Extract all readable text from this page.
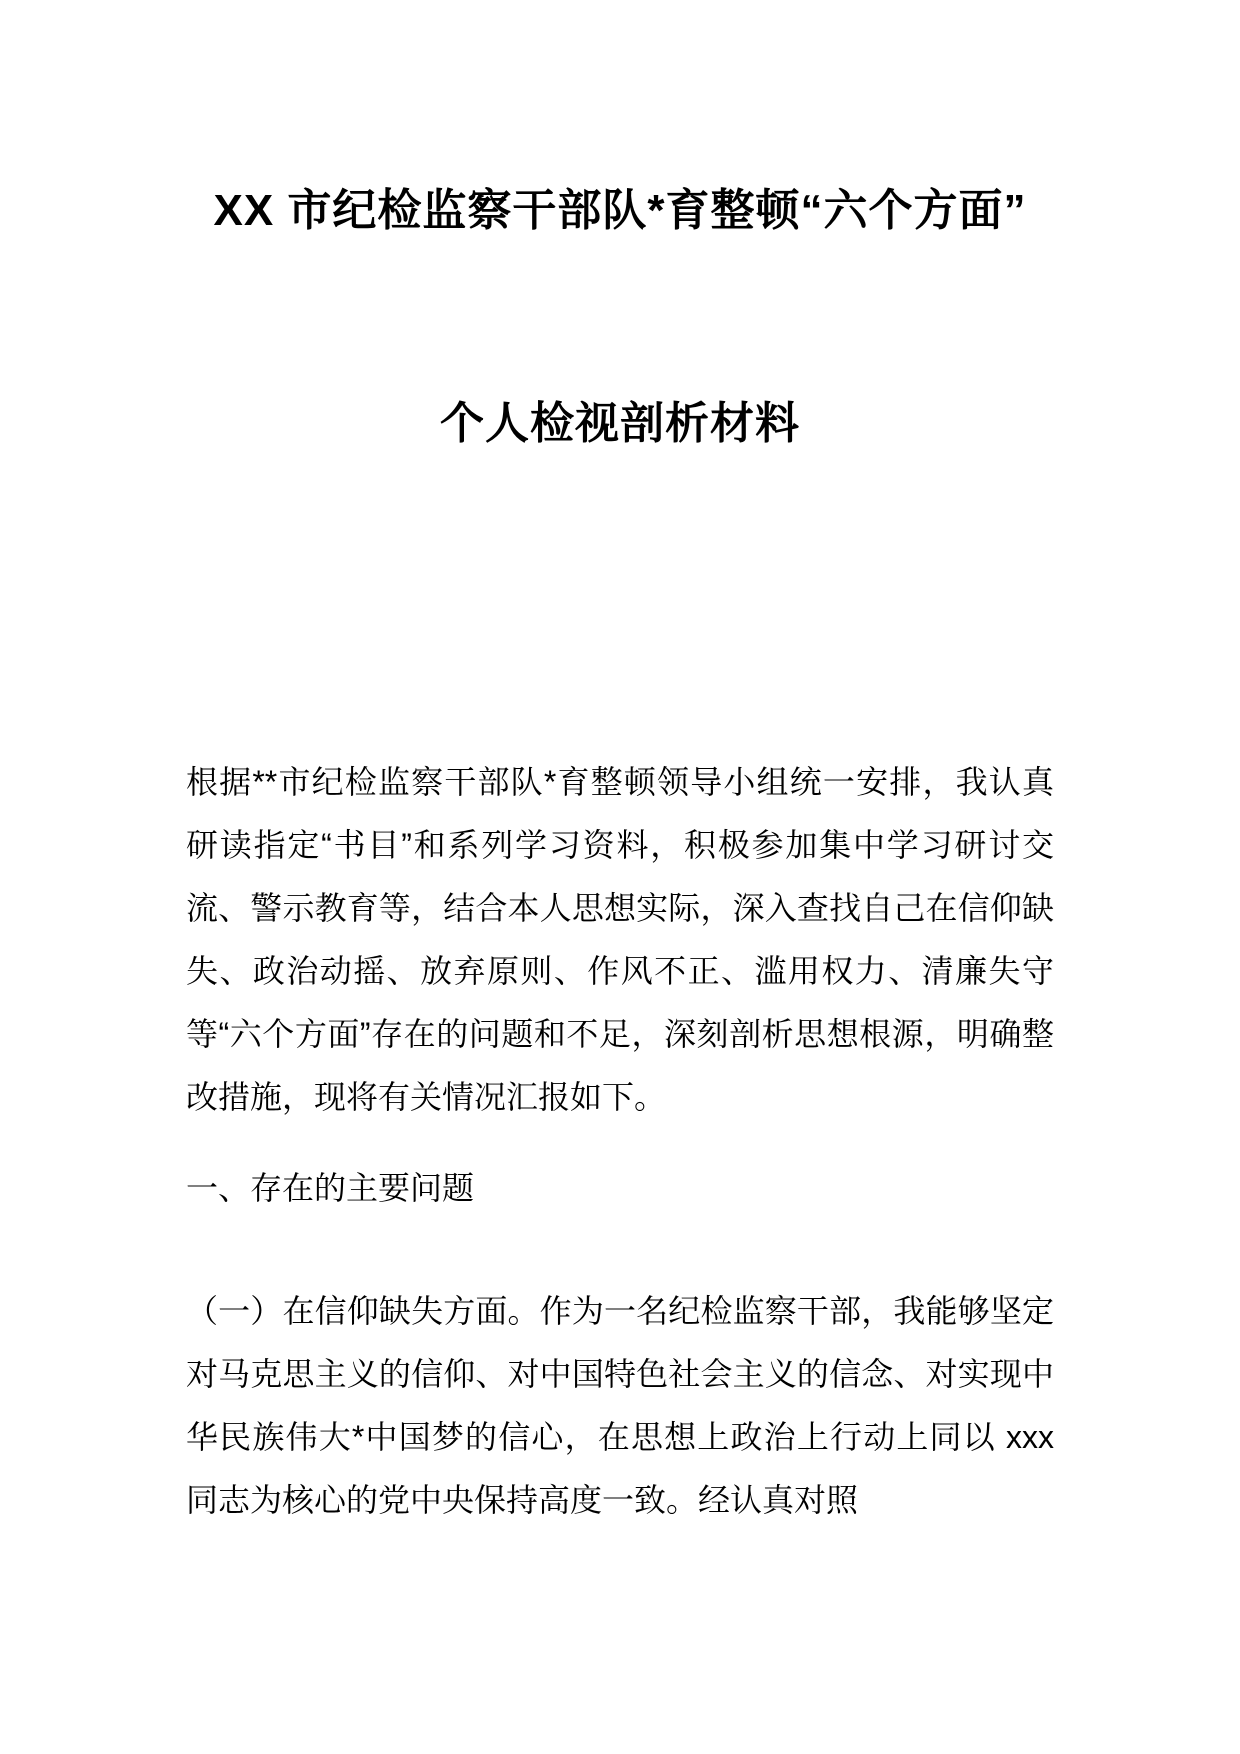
XX 市纪检监察干部队*育整顿“六个方面”
个人检视剖析材料

根据**市纪检监察干部队*育整顿领导小组统一安排，我认真研读指定“书目”和系列学习资料，积极参加集中学习研讨交流、警示教育等，结合本人思想实际，深入查找自己在信仰缺失、政治动摇、放弃原则、作风不正、滥用权力、清廉失守等“六个方面”存在的问题和不足，深刻剖析思想根源，明确整改措施，现将有关情况汇报如下。

一、存在的主要问题

（一）在信仰缺失方面。作为一名纪检监察干部，我能够坚定对马克思主义的信仰、对中国特色社会主义的信念、对实现中华民族伟大*中国梦的信心，在思想上政治上行动上同以 xxx 同志为核心的党中央保持高度一致。经认真对照
